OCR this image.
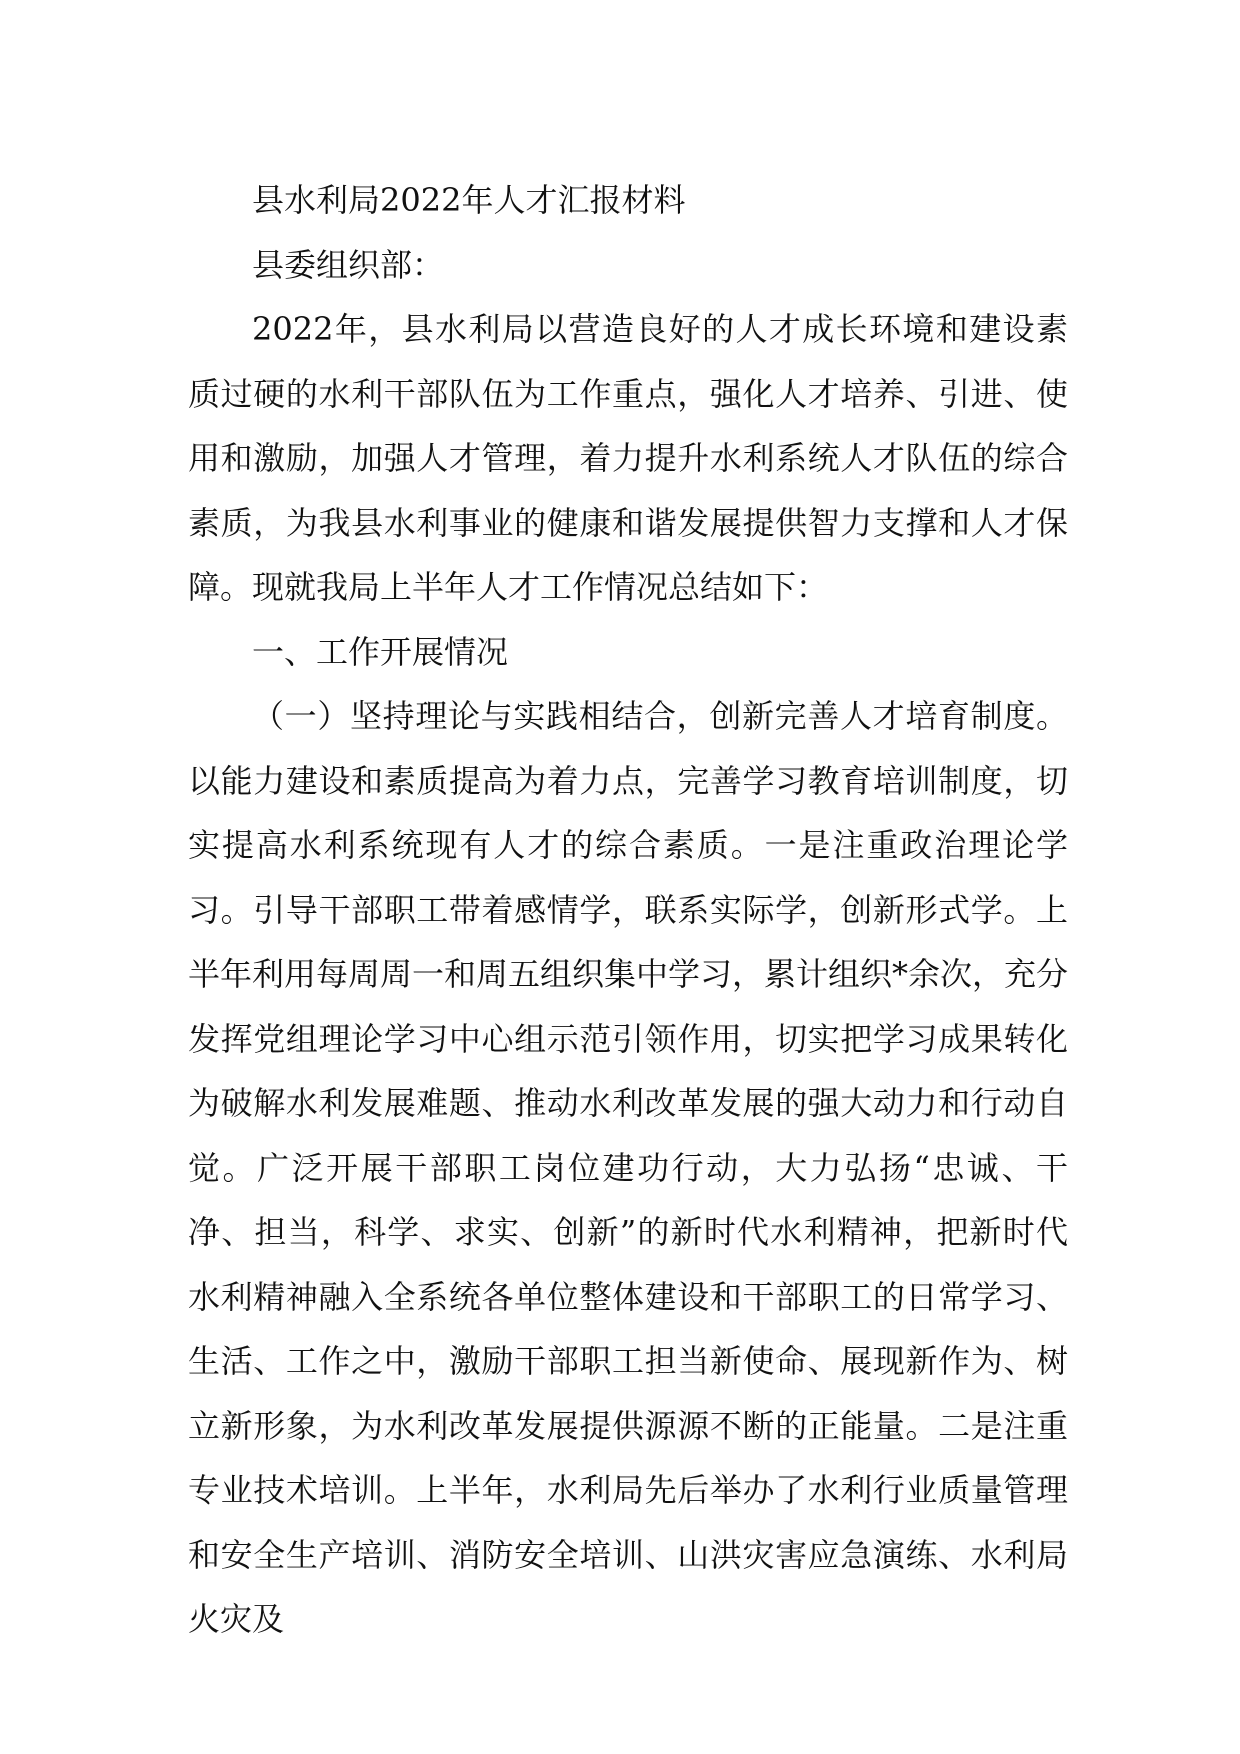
县水利局2022年人才汇报材料

县委组织部：

2022年，县水利局以营造良好的人才成长环境和建设素质过硬的水利干部队伍为工作重点，强化人才培养、引进、使用和激励，加强人才管理，着力提升水利系统人才队伍的综合素质，为我县水利事业的健康和谐发展提供智力支撑和人才保障。现就我局上半年人才工作情况总结如下：

一、工作开展情况

（一）坚持理论与实践相结合，创新完善人才培育制度。以能力建设和素质提高为着力点，完善学习教育培训制度，切实提高水利系统现有人才的综合素质。一是注重政治理论学习。引导干部职工带着感情学，联系实际学，创新形式学。上半年利用每周周一和周五组织集中学习，累计组织*余次，充分发挥党组理论学习中心组示范引领作用，切实把学习成果转化为破解水利发展难题、推动水利改革发展的强大动力和行动自觉。广泛开展干部职工岗位建功行动，大力弘扬“忠诚、干净、担当，科学、求实、创新”的新时代水利精神，把新时代水利精神融入全系统各单位整体建设和干部职工的日常学习、生活、工作之中，激励干部职工担当新使命、展现新作为、树立新形象，为水利改革发展提供源源不断的正能量。二是注重专业技术培训。上半年，水利局先后举办了水利行业质量管理和安全生产培训、消防安全培训、山洪灾害应急演练、水利局火灾及
